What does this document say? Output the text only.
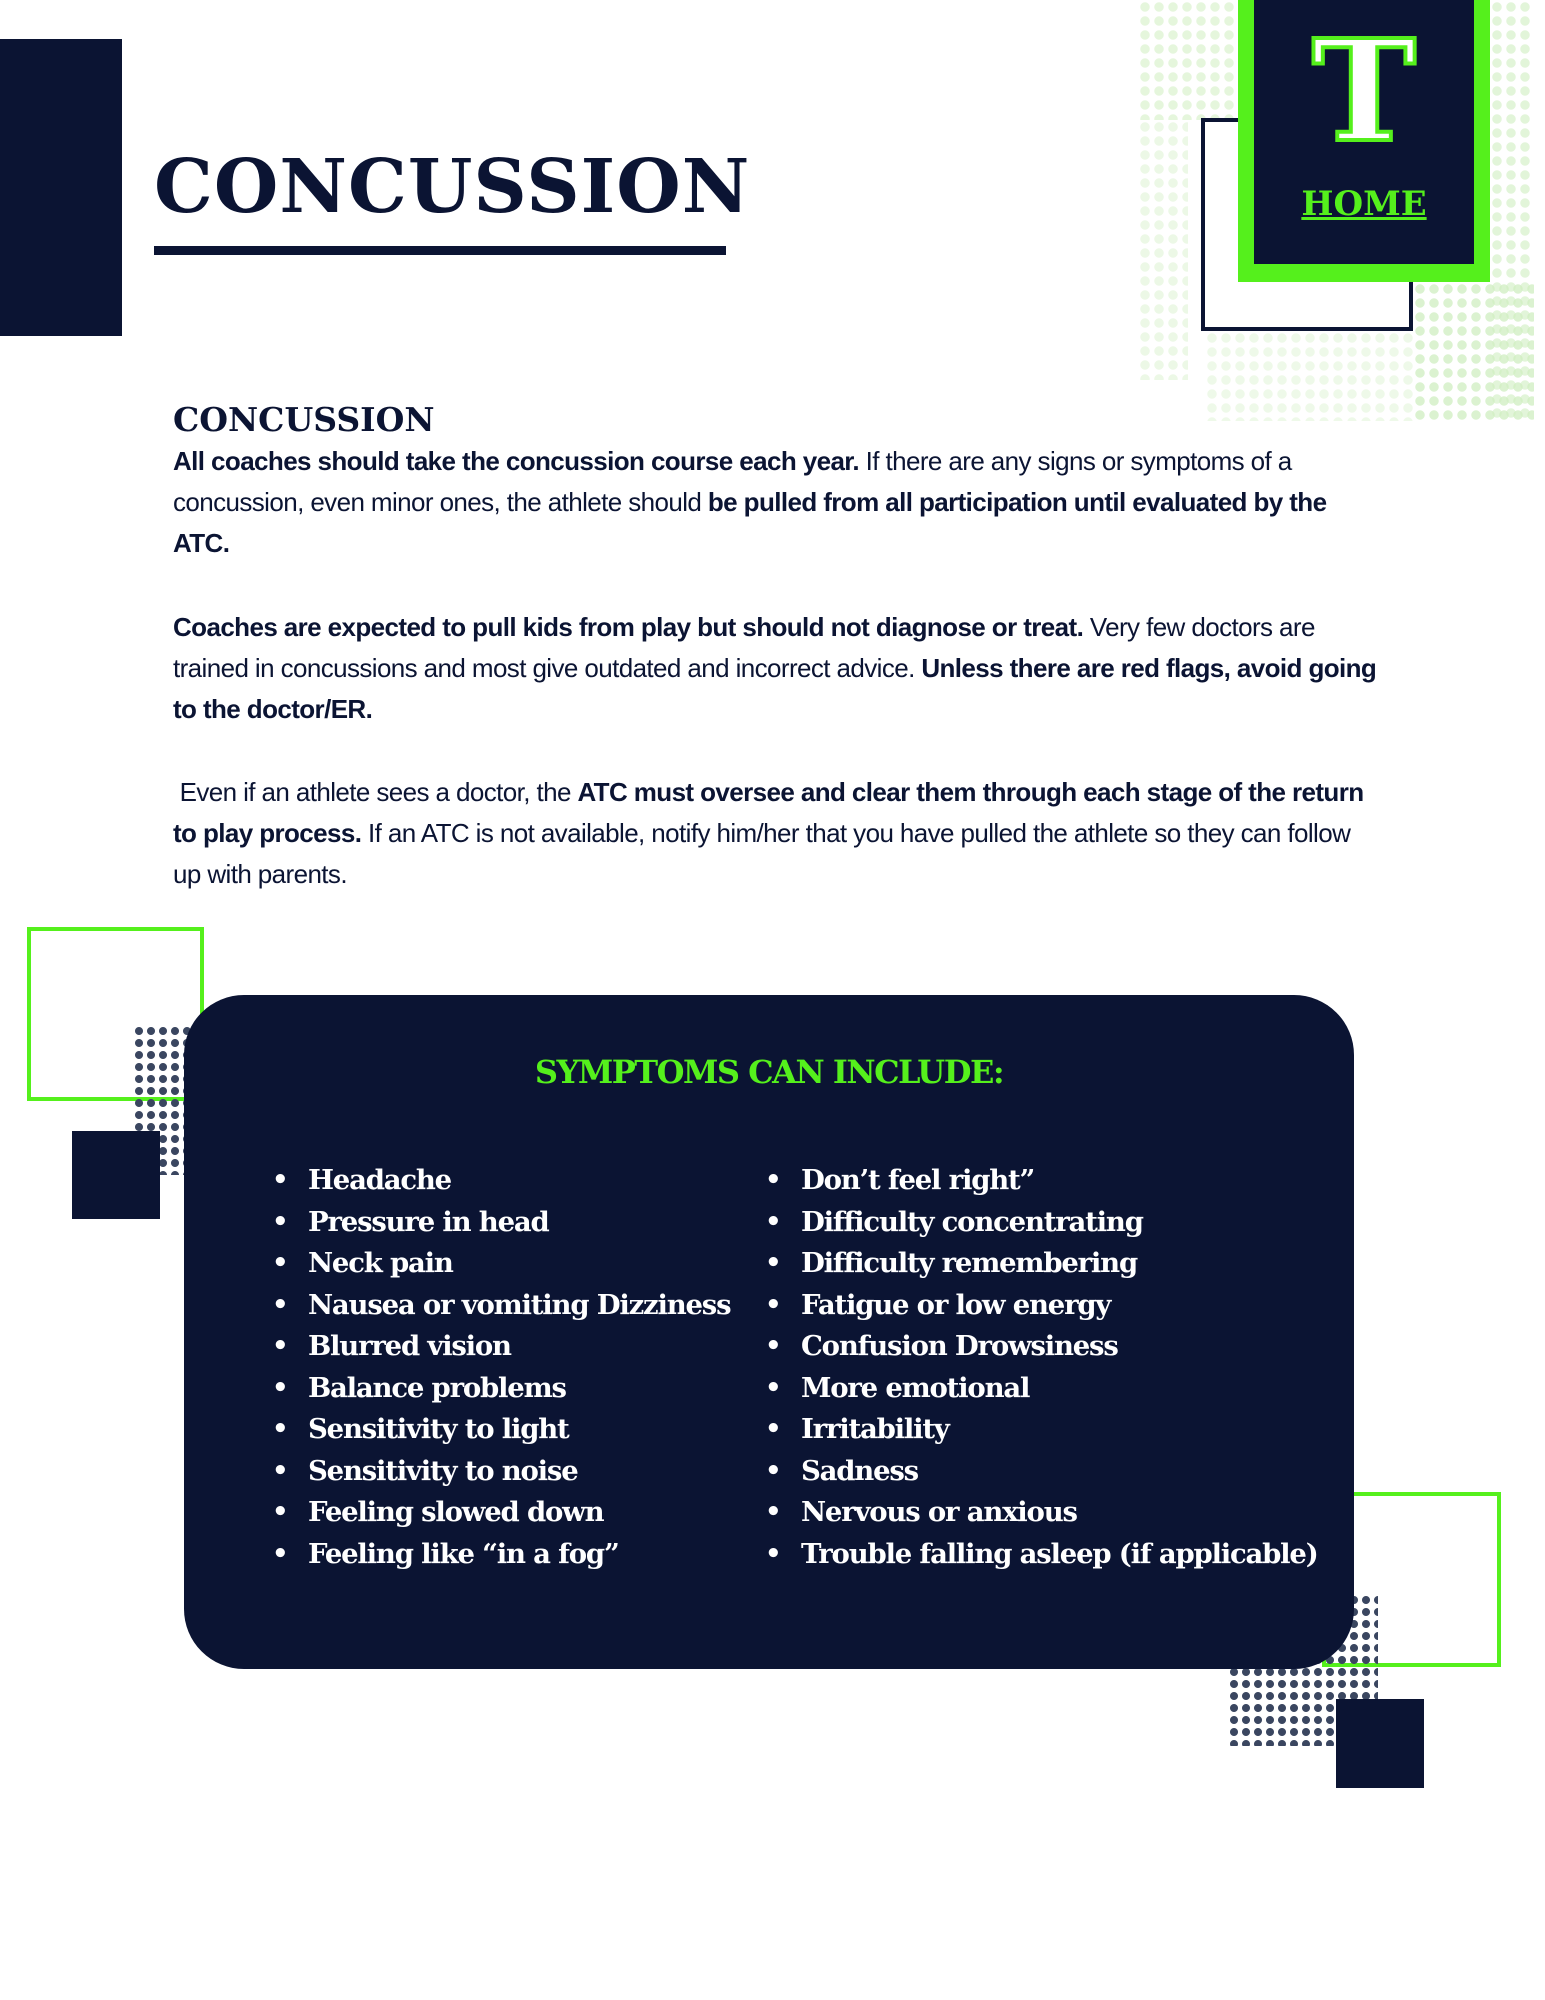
CONCUSSION
T
HOME
CONCUSSION

All coaches should take the concussion course each year. If there are any signs or symptoms of a concussion, even minor ones, the athlete should be pulled from all participation until evaluated by the ATC.

Coaches are expected to pull kids from play but should not diagnose or treat. Very few doctors are trained in concussions and most give outdated and incorrect advice. Unless there are red flags, avoid going to the doctor/ER.

Even if an athlete sees a doctor, the ATC must oversee and clear them through each stage of the return to play process. If an ATC is not available, notify him/her that you have pulled the athlete so they can follow up with parents.

SYMPTOMS CAN INCLUDE:
• Headache
• Pressure in head
• Neck pain
• Nausea or vomiting Dizziness
• Blurred vision
• Balance problems
• Sensitivity to light
• Sensitivity to noise
• Feeling slowed down
• Feeling like “in a fog”
• Don’t feel right”
• Difficulty concentrating
• Difficulty remembering
• Fatigue or low energy
• Confusion Drowsiness
• More emotional
• Irritability
• Sadness
• Nervous or anxious
• Trouble falling asleep (if applicable)
